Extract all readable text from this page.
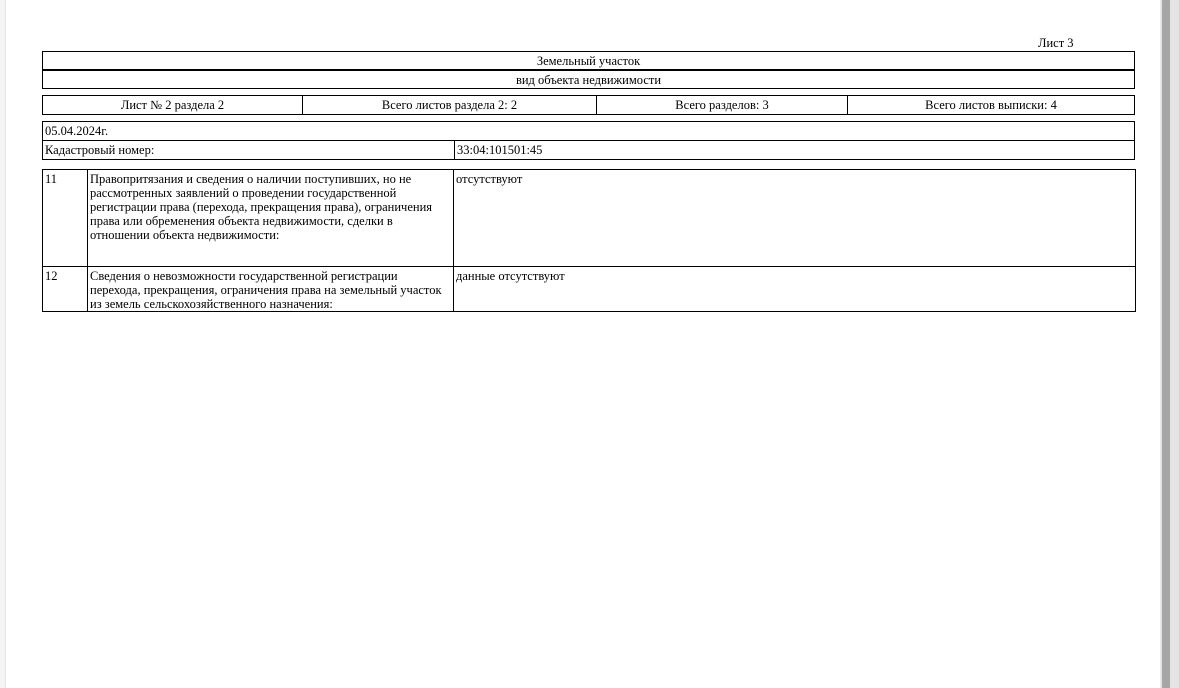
Лист 3
Земельный участок
вид объекта недвижимости
Лист № 2 раздела 2	Всего листов раздела 2: 2	Всего разделов: 3	Всего листов выписки: 4
05.04.2024г.
Кадастровый номер:	33:04:101501:45
11	Правопритязания и сведения о наличии поступивших, но не рассмотренных заявлений о проведении государственной регистрации права (перехода, прекращения права), ограничения права или обременения объекта недвижимости, сделки в отношении объекта недвижимости:	отсутствуют
12	Сведения о невозможности государственной регистрации перехода, прекращения, ограничения права на земельный участок из земель сельскохозяйственного назначения:	данные отсутствуют
